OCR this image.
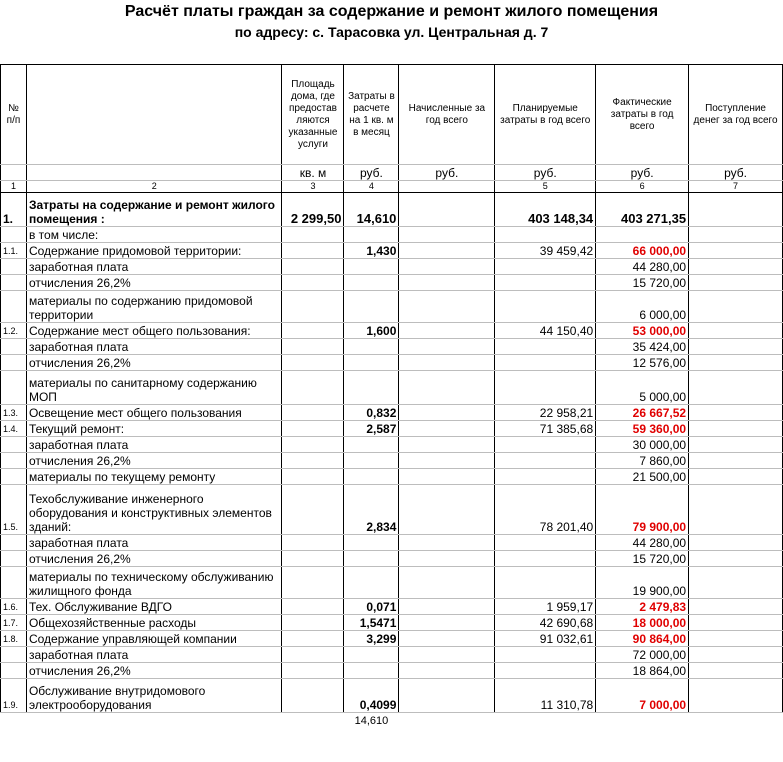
Расчёт платы граждан за содержание и ремонт жилого помещения
по адресу: с. Тарасовка ул. Центральная д. 7
№ п/п		Площадь дома, где предостав ляются указанные услуги	Затраты в расчете на 1 кв. м в месяц	Начисленные за год всего	Планируемые затраты в год всего	Фактические затраты в год всего	Поступление денег за год всего
		кв. м	руб.	руб.	руб.	руб.	руб.
1	2	3	4		5	6	7
1.	Затраты на содержание и ремонт жилого помещения :	2 299,50	14,610		403 148,34	403 271,35	
	в том числе:						
1.1.	Содержание придомовой территории:		1,430		39 459,42	66 000,00	
	заработная плата					44 280,00	
	отчисления 26,2%					15 720,00	
	материалы по содержанию придомовой территории					6 000,00	
1.2.	Содержание мест общего пользования:		1,600		44 150,40	53 000,00	
	заработная плата					35 424,00	
	отчисления 26,2%					12 576,00	
	материалы по санитарному содержанию МОП					5 000,00	
1.3.	Освещение мест общего пользования		0,832		22 958,21	26 667,52	
1.4.	Текущий ремонт:		2,587		71 385,68	59 360,00	
	заработная плата					30 000,00	
	отчисления 26,2%					7 860,00	
	материалы по текущему ремонту					21 500,00	
1.5.	Техобслуживание инженерного оборудования и конструктивных элементов зданий:		2,834		78 201,40	79 900,00	
	заработная плата					44 280,00	
	отчисления 26,2%					15 720,00	
	материалы по техническому обслуживанию жилищного фонда					19 900,00	
1.6.	Тех. Обслуживание ВДГО		0,071		1 959,17	2 479,83	
1.7.	Общехозяйственные расходы		1,5471		42 690,68	18 000,00	
1.8.	Содержание управляющей компании		3,299		91 032,61	90 864,00	
	заработная плата					72 000,00	
	отчисления 26,2%					18 864,00	
1.9.	Обслуживание внутридомового электрооборудования		0,4099		11 310,78	7 000,00	
			14,610				
